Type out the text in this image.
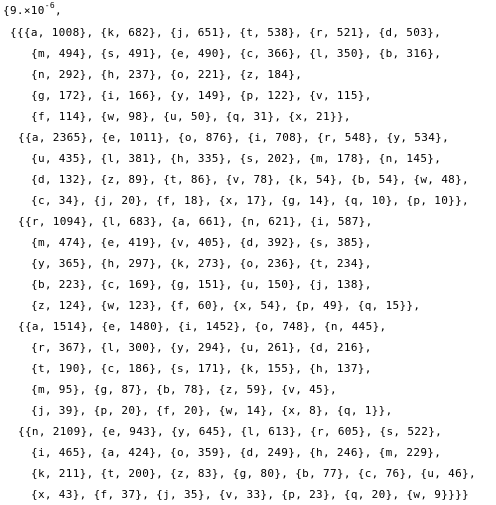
{$9.\times 10^{-6}$,
{{{a, 1008}, {k, 682}, {j, 651}, {t, 538}, {r, 521}, {d, 503},
{m, 494}, {s, 491}, {e, 490}, {c, 366}, {l, 350}, {b, 316},
{n, 292}, {h, 237}, {o, 221}, {z, 184},
{g, 172}, {i, 166}, {y, 149}, {p, 122}, {v, 115},
{f, 114}, {w, 98}, {u, 50}, {q, 31}, {x, 21}},
{{a, 2365}, {e, 1011}, {o, 876}, {i, 708}, {r, 548}, {y, 534},
{u, 435}, {l, 381}, {h, 335}, {s, 202}, {m, 178}, {n, 145},
{d, 132}, {z, 89}, {t, 86}, {v, 78}, {k, 54}, {b, 54}, {w, 48},
{c, 34}, {j, 20}, {f, 18}, {x, 17}, {g, 14}, {q, 10}, {p, 10}},
{{r, 1094}, {l, 683}, {a, 661}, {n, 621}, {i, 587},
{m, 474}, {e, 419}, {v, 405}, {d, 392}, {s, 385},
{y, 365}, {h, 297}, {k, 273}, {o, 236}, {t, 234},
{b, 223}, {c, 169}, {g, 151}, {u, 150}, {j, 138},
{z, 124}, {w, 123}, {f, 60}, {x, 54}, {p, 49}, {q, 15}},
{{a, 1514}, {e, 1480}, {i, 1452}, {o, 748}, {n, 445},
{r, 367}, {l, 300}, {y, 294}, {u, 261}, {d, 216},
{t, 190}, {c, 186}, {s, 171}, {k, 155}, {h, 137},
{m, 95}, {g, 87}, {b, 78}, {z, 59}, {v, 45},
{j, 39}, {p, 20}, {f, 20}, {w, 14}, {x, 8}, {q, 1}},
{{n, 2109}, {e, 943}, {y, 645}, {l, 613}, {r, 605}, {s, 522},
{i, 465}, {a, 424}, {o, 359}, {d, 249}, {h, 246}, {m, 229},
{k, 211}, {t, 200}, {z, 83}, {g, 80}, {b, 77}, {c, 76}, {u, 46},
{x, 43}, {f, 37}, {j, 35}, {v, 33}, {p, 23}, {q, 20}, {w, 9}}}}
